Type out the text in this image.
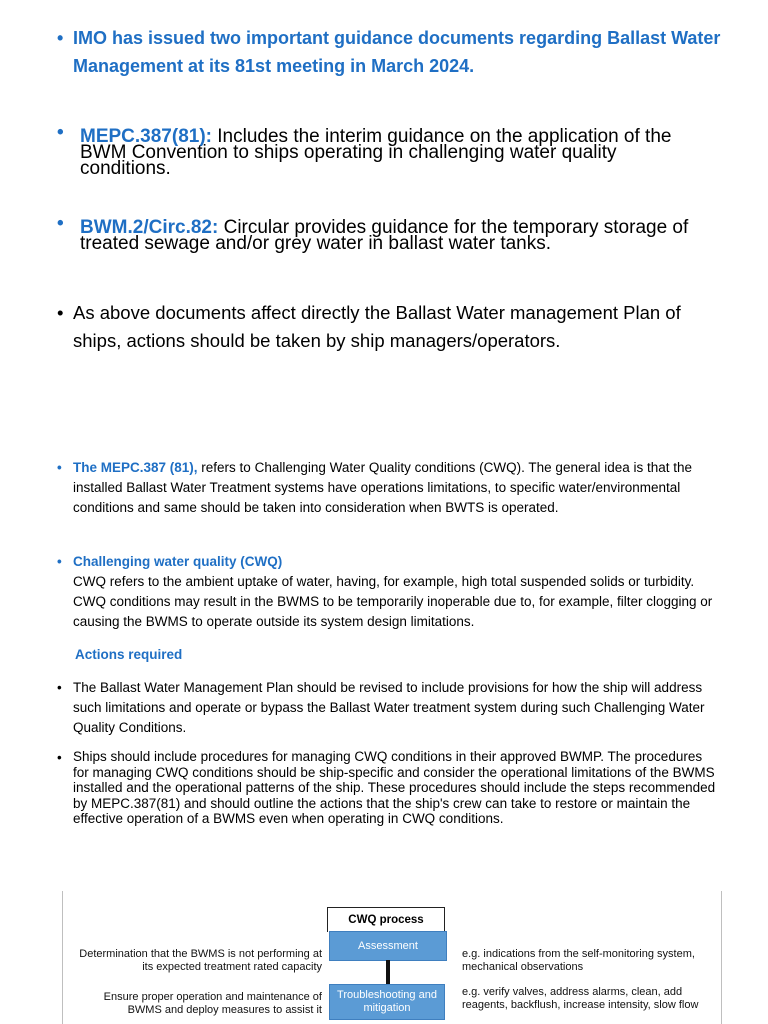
• IMO has issued two important guidance documents regarding Ballast Water Management at its 81st meeting in March 2024.
• MEPC.387(81): Includes the interim guidance on the application of the
BWM Convention to ships operating in challenging water quality
conditions.
• BWM.2/Circ.82: Circular provides guidance for the temporary storage of
treated sewage and/or grey water in ballast water tanks.
• As above documents affect directly the Ballast Water management Plan of ships, actions should be taken by ship managers/operators.
• The MEPC.387 (81), refers to Challenging Water Quality conditions (CWQ). The general idea is that the installed Ballast Water Treatment systems have operations limitations, to specific water/environmental conditions and same should be taken into consideration when BWTS is operated.
• Challenging water quality (CWQ)
CWQ refers to the ambient uptake of water, having, for example, high total suspended solids or turbidity. CWQ conditions may result in the BWMS to be temporarily inoperable due to, for example, filter clogging or causing the BWMS to operate outside its system design limitations.
Actions required
• The Ballast Water Management Plan should be revised to include provisions for how the ship will address such limitations and operate or bypass the Ballast Water treatment system during such Challenging Water Quality Conditions.
• Ships should include procedures for managing CWQ conditions in their approved BWMP. The procedures for managing CWQ conditions should be ship-specific and consider the operational limitations of the BWMS installed and the operational patterns of the ship. These procedures should include the steps recommended by MEPC.387(81) and should outline the actions that the ship's crew can take to restore or maintain the effective operation of a BWMS even when operating in CWQ conditions.
CWQ process
Assessment
Troubleshooting and mitigation
Determination that the BWMS is not performing at its expected treatment rated capacity
e.g. indications from the self-monitoring system, mechanical observations
Ensure proper operation and maintenance of BWMS and deploy measures to assist it
e.g. verify valves, address alarms, clean, add reagents, backflush, increase intensity, slow flow
